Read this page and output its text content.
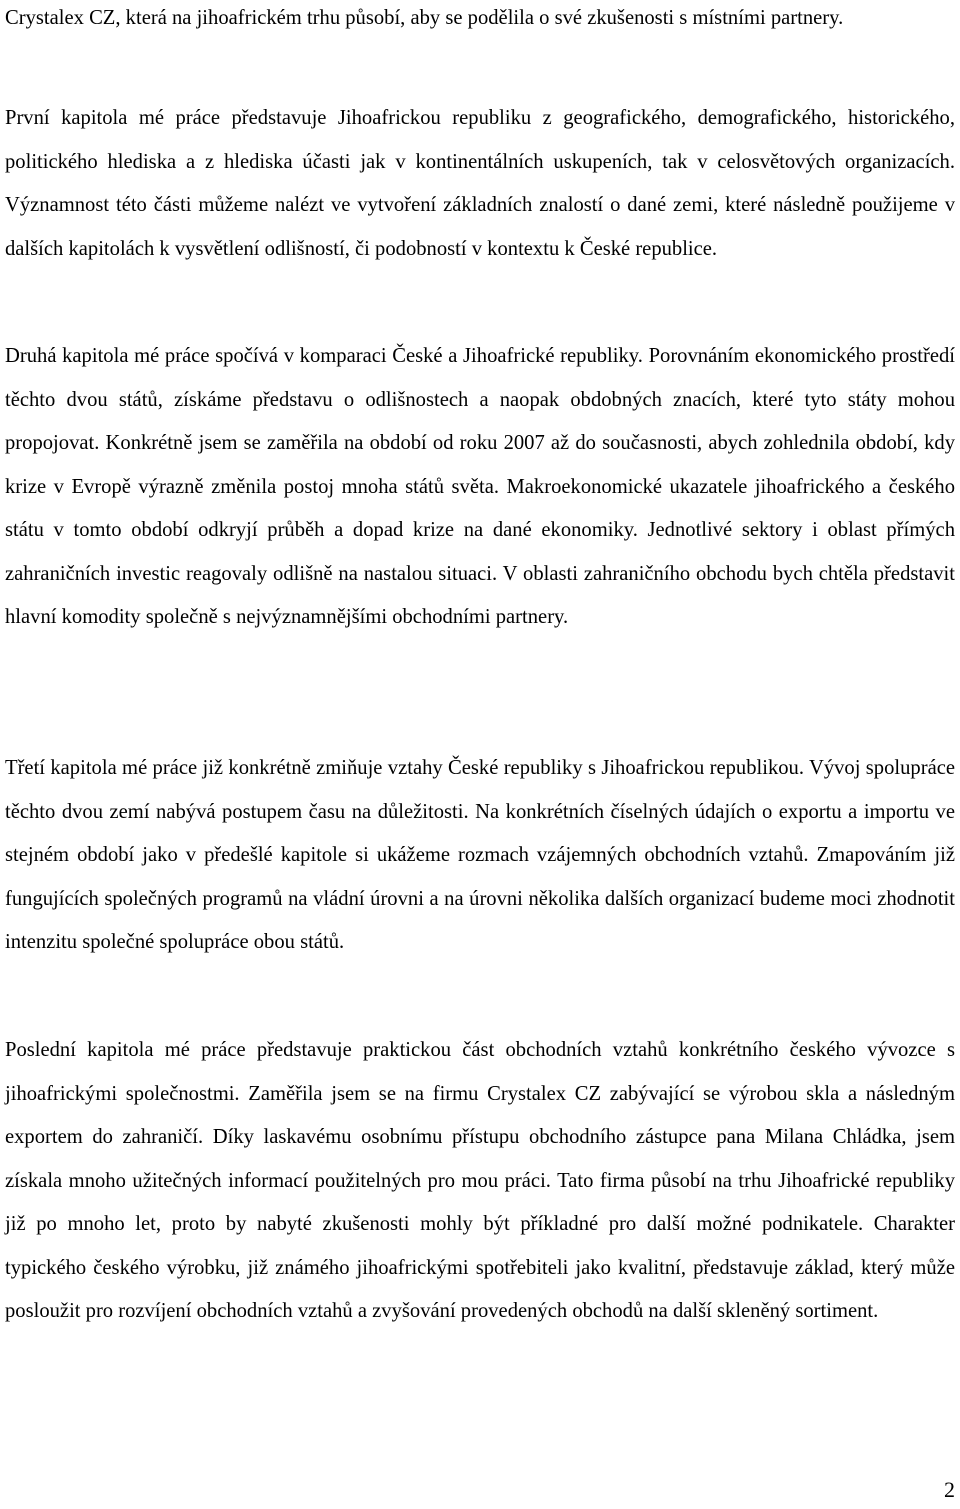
Crystalex CZ, která na jihoafrickém trhu působí, aby se podělila o své zkušenosti s místními partnery.

První kapitola mé práce představuje Jihoafrickou republiku z geografického, demografického, historického, politického hlediska a z hlediska účasti jak v kontinentálních uskupeních, tak v celosvětových organizacích. Významnost této části můžeme nalézt ve vytvoření základních znalostí o dané zemi, které následně použijeme v dalších kapitolách k vysvětlení odlišností, či podobností v kontextu k České republice.

Druhá kapitola mé práce spočívá v komparaci České a Jihoafrické republiky. Porovnáním ekonomického prostředí těchto dvou států, získáme představu o odlišnostech a naopak obdobných znacích, které tyto státy mohou propojovat. Konkrétně jsem se zaměřila na období od roku 2007 až do současnosti, abych zohlednila období, kdy krize v Evropě výrazně změnila postoj mnoha států světa. Makroekonomické ukazatele jihoafrického a českého státu v tomto období odkryjí průběh a dopad krize na dané ekonomiky. Jednotlivé sektory i oblast přímých zahraničních investic reagovaly odlišně na nastalou situaci. V oblasti zahraničního obchodu bych chtěla představit hlavní komodity společně s nejvýznamnějšími obchodními partnery.

Třetí kapitola mé práce již konkrétně zmiňuje vztahy České republiky s Jihoafrickou republikou. Vývoj spolupráce těchto dvou zemí nabývá postupem času na důležitosti. Na konkrétních číselných údajích o exportu a importu ve stejném období jako v předešlé kapitole si ukážeme rozmach vzájemných obchodních vztahů. Zmapováním již fungujících společných programů na vládní úrovni a na úrovni několika dalších organizací budeme moci zhodnotit intenzitu společné spolupráce obou států.

Poslední kapitola mé práce představuje praktickou část obchodních vztahů konkrétního českého vývozce s jihoafrickými společnostmi. Zaměřila jsem se na firmu Crystalex CZ zabývající se výrobou skla a následným exportem do zahraničí. Díky laskavému osobnímu přístupu obchodního zástupce pana Milana Chládka, jsem získala mnoho užitečných informací použitelných pro mou práci. Tato firma působí na trhu Jihoafrické republiky již po mnoho let, proto by nabyté zkušenosti mohly být příkladné pro další možné podnikatele. Charakter typického českého výrobku, již známého jihoafrickými spotřebiteli jako kvalitní, představuje základ, který může posloužit pro rozvíjení obchodních vztahů a zvyšování provedených obchodů na další skleněný sortiment.

2
